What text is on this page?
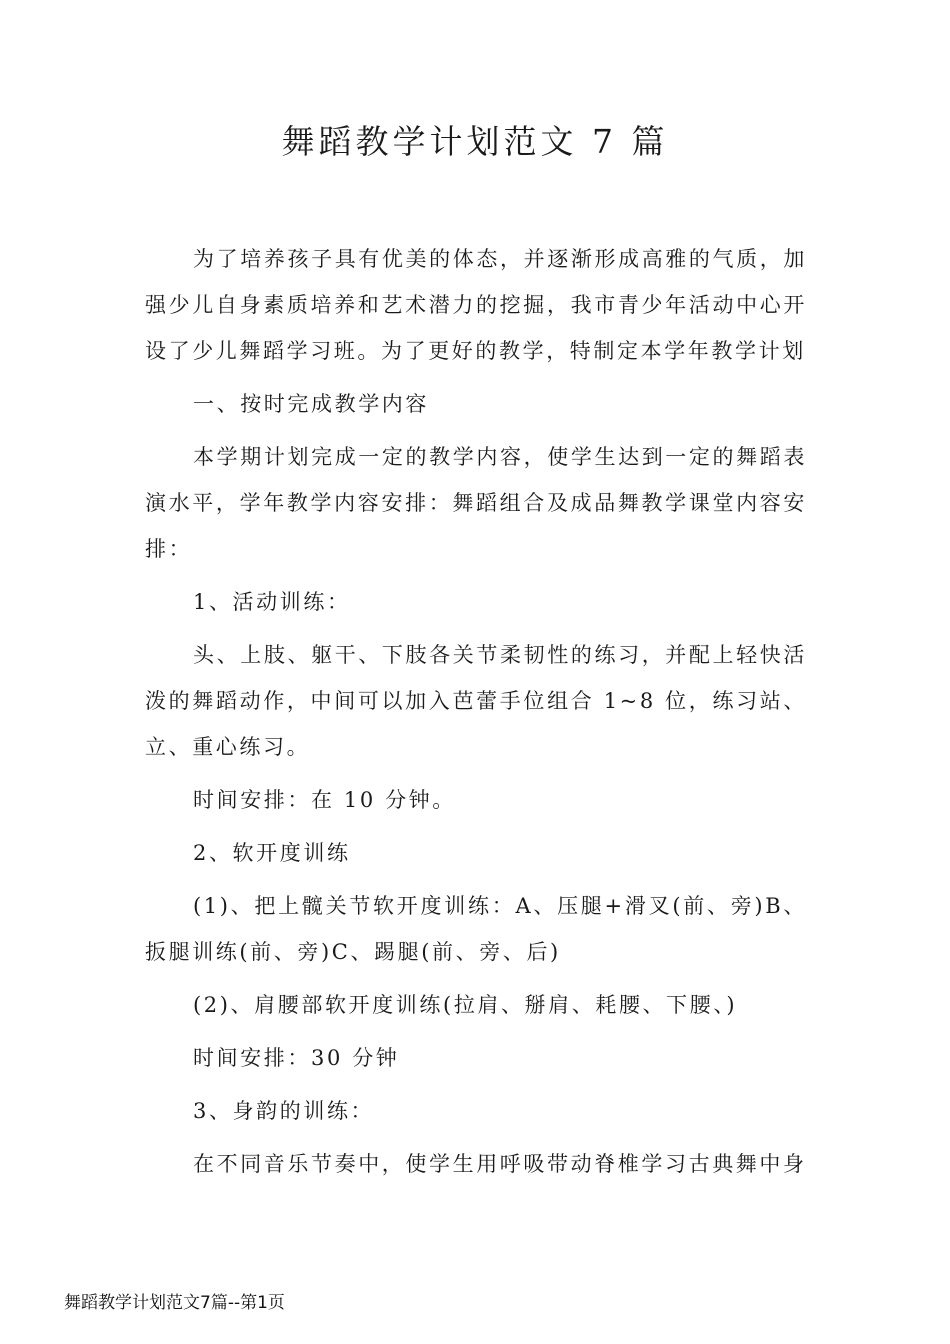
舞蹈教学计划范文 7 篇

为了培养孩子具有优美的体态，并逐渐形成高雅的气质，加强少儿自身素质培养和艺术潜力的挖掘，我市青少年活动中心开设了少儿舞蹈学习班。为了更好的教学，特制定本学年教学计划

一、按时完成教学内容

本学期计划完成一定的教学内容，使学生达到一定的舞蹈表演水平，学年教学内容安排：舞蹈组合及成品舞教学课堂内容安排：

1、活动训练：

头、上肢、躯干、下肢各关节柔韧性的练习，并配上轻快活泼的舞蹈动作，中间可以加入芭蕾手位组合 1~8 位，练习站、立、重心练习。

时间安排：在 10 分钟。

2、软开度训练

(1)、把上髋关节软开度训练：A、压腿+滑叉(前、旁)B、扳腿训练(前、旁)C、踢腿(前、旁、后)

(2)、肩腰部软开度训练(拉肩、掰肩、耗腰、下腰、)

时间安排：30 分钟

3、身韵的训练：

在不同音乐节奏中，使学生用呼吸带动脊椎学习古典舞中身

舞蹈教学计划范文7篇--第1页
